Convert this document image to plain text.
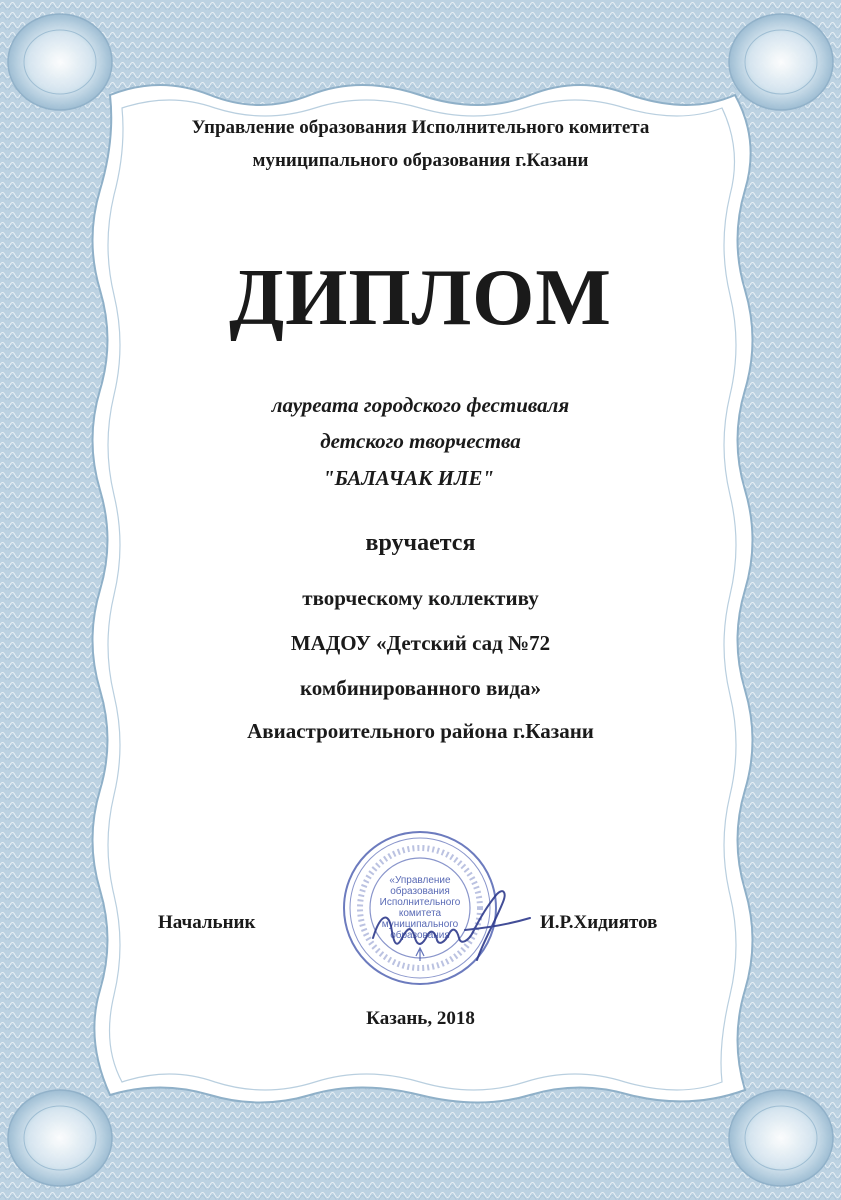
«Управление
образования
Исполнительного
комитета
муниципального
образования
Управление образования Исполнительного комитета
муниципального образования г.Казани
ДИПЛОМ
лауреата городского фестиваля
детского творчества
"БАЛАЧАК ИЛЕ"
вручается
творческому коллективу
МАДОУ «Детский сад №72
комбинированного вида»
Авиастроительного района г.Казани
Начальник	И.Р.Хидиятов
Казань, 2018
